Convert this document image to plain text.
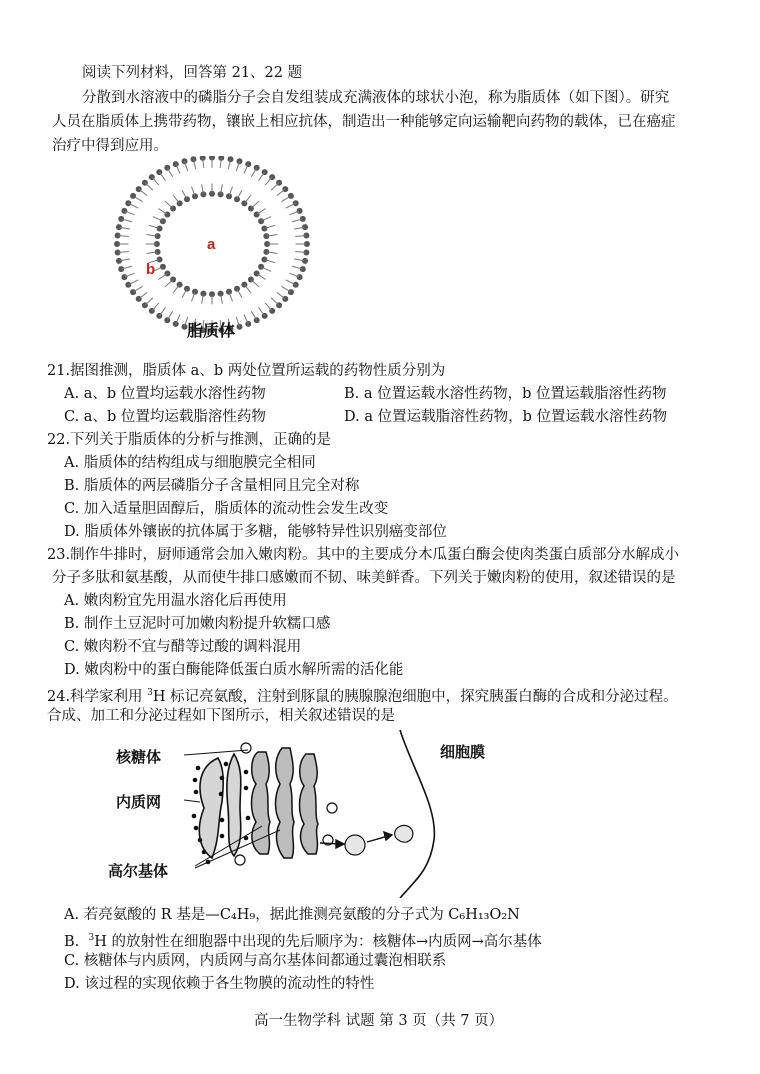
阅读下列材料，回答第 21、22 题
分散到水溶液中的磷脂分子会自发组装成充满液体的球状小泡，称为脂质体（如下图）。研究
人员在脂质体上携带药物，镶嵌上相应抗体，制造出一种能够定向运输靶向药物的载体，已在癌症
治疗中得到应用。
a
b
脂质体
21.据图推测，脂质体 a、b 两处位置所运载的药物性质分别为
A. a、b 位置均运载水溶性药物	B. a 位置运载水溶性药物，b 位置运载脂溶性药物
C. a、b 位置均运载脂溶性药物	D. a 位置运载脂溶性药物，b 位置运载水溶性药物
22.下列关于脂质体的分析与推测，正确的是
A. 脂质体的结构组成与细胞膜完全相同
B. 脂质体的两层磷脂分子含量相同且完全对称
C. 加入适量胆固醇后，脂质体的流动性会发生改变
D. 脂质体外镶嵌的抗体属于多糖，能够特异性识别癌变部位
23.制作牛排时，厨师通常会加入嫩肉粉。其中的主要成分木瓜蛋白酶会使肉类蛋白质部分水解成小
分子多肽和氨基酸，从而使牛排口感嫩而不韧、味美鲜香。下列关于嫩肉粉的使用，叙述错误的是
A. 嫩肉粉宜先用温水溶化后再使用
B. 制作土豆泥时可加嫩肉粉提升软糯口感
C. 嫩肉粉不宜与醋等过酸的调料混用
D. 嫩肉粉中的蛋白酶能降低蛋白质水解所需的活化能
24.科学家利用 $^3$H 标记亮氨酸，注射到豚鼠的胰腺腺泡细胞中，探究胰蛋白酶的合成和分泌过程。
合成、加工和分泌过程如下图所示，相关叙述错误的是
核糖体
内质网
高尔基体
细胞膜
A. 若亮氨酸的 R 基是—C₄H₉，据此推测亮氨酸的分子式为 C₆H₁₃O₂N
B.  $^3$H 的放射性在细胞器中出现的先后顺序为：核糖体→内质网→高尔基体
C. 核糖体与内质网，内质网与高尔基体间都通过囊泡相联系
D. 该过程的实现依赖于各生物膜的流动性的特性
高一生物学科 试题 第 3 页（共 7 页）
